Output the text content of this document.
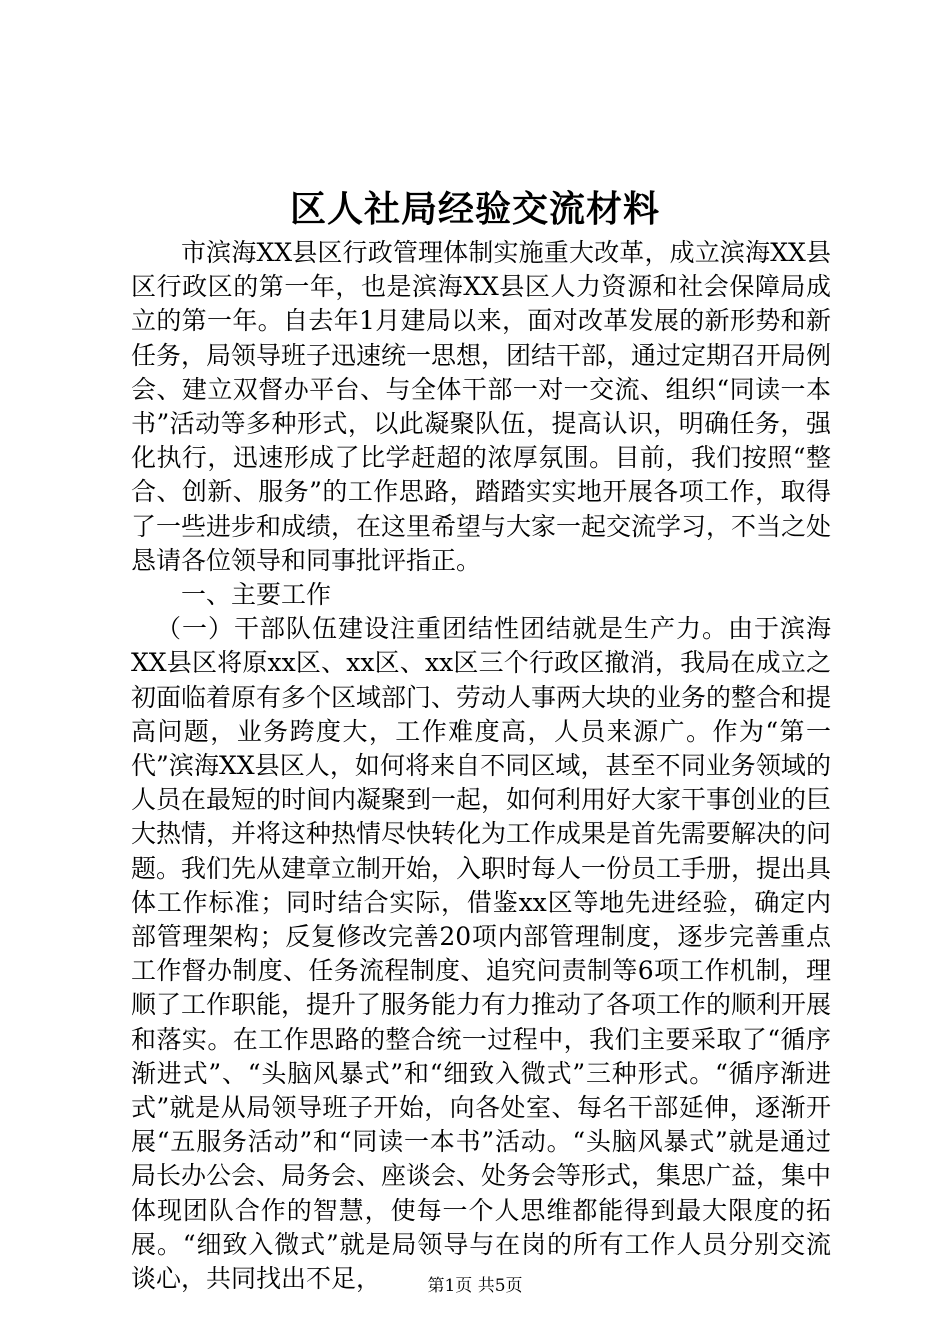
区人社局经验交流材料

市滨海XX县区行政管理体制实施重大改革，成立滨海XX县区行政区的第一年，也是滨海XX县区人力资源和社会保障局成立的第一年。自去年1月建局以来，面对改革发展的新形势和新任务，局领导班子迅速统一思想，团结干部，通过定期召开局例会、建立双督办平台、与全体干部一对一交流、组织“同读一本书”活动等多种形式，以此凝聚队伍，提高认识，明确任务，强化执行，迅速形成了比学赶超的浓厚氛围。目前，我们按照“整合、创新、服务”的工作思路，踏踏实实地开展各项工作，取得了一些进步和成绩，在这里希望与大家一起交流学习，不当之处恳请各位领导和同事批评指正。

一、主要工作

（一）干部队伍建设注重团结性团结就是生产力。由于滨海XX县区将原xx区、xx区、xx区三个行政区撤消，我局在成立之初面临着原有多个区域部门、劳动人事两大块的业务的整合和提高问题，业务跨度大，工作难度高，人员来源广。作为“第一代”滨海XX县区人，如何将来自不同区域，甚至不同业务领域的人员在最短的时间内凝聚到一起，如何利用好大家干事创业的巨大热情，并将这种热情尽快转化为工作成果是首先需要解决的问题。我们先从建章立制开始，入职时每人一份员工手册，提出具体工作标准；同时结合实际，借鉴xx区等地先进经验，确定内部管理架构；反复修改完善20项内部管理制度，逐步完善重点工作督办制度、任务流程制度、追究问责制等6项工作机制，理顺了工作职能，提升了服务能力有力推动了各项工作的顺利开展和落实。在工作思路的整合统一过程中，我们主要采取了“循序渐进式”、“头脑风暴式”和“细致入微式”三种形式。“循序渐进式”就是从局领导班子开始，向各处室、每名干部延伸，逐渐开展“五服务活动”和“同读一本书”活动。“头脑风暴式”就是通过局长办公会、局务会、座谈会、处务会等形式，集思广益，集中体现团队合作的智慧，使每一个人思维都能得到最大限度的拓展。“细致入微式”就是局领导与在岗的所有工作人员分别交流谈心，共同找出不足，	第1页 共5页
